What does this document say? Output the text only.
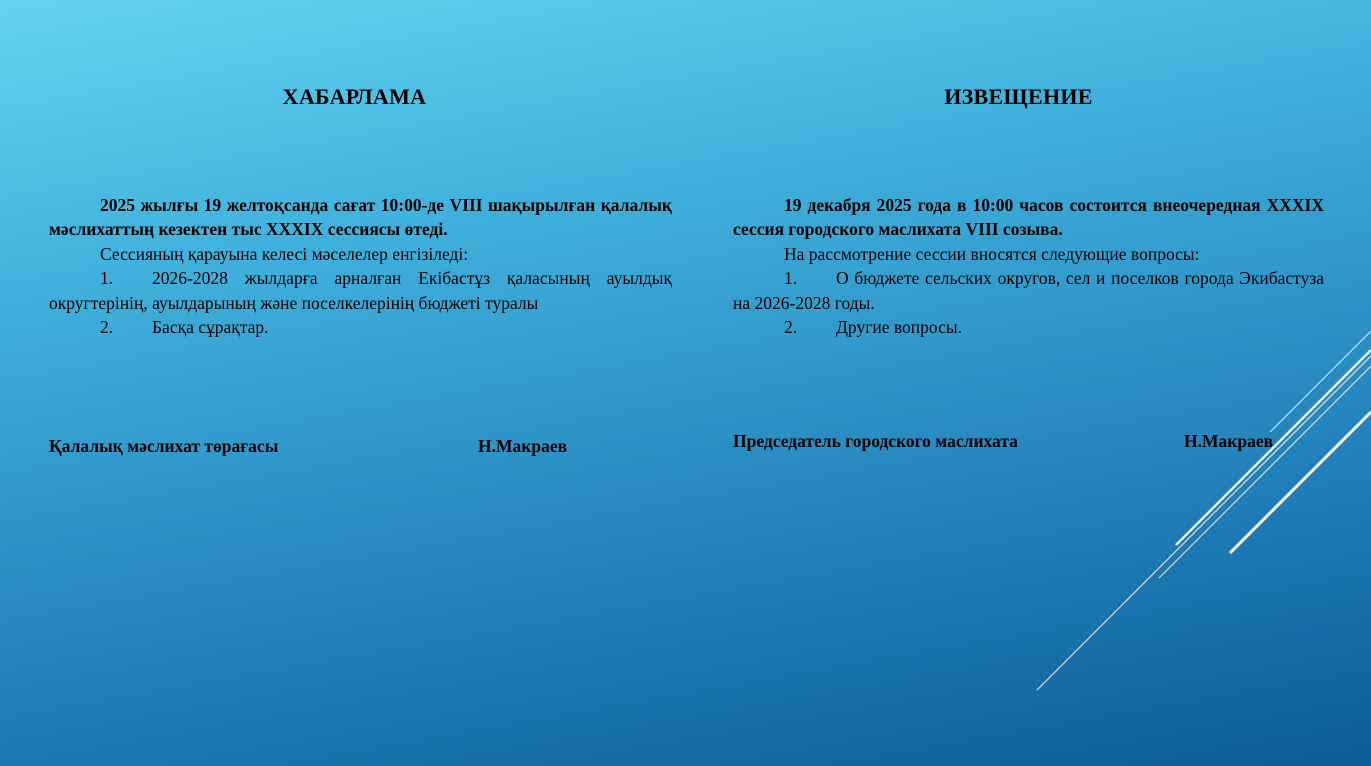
ХАБАРЛАМА

2025 жылғы 19 желтоқсанда сағат 10:00-де VIII шақырылған қалалық мәслихаттың кезектен тыс XXXIX сессиясы өтеді.

Сессияның қарауына келесі мәселелер енгізіледі:

1. 2026-2028 жылдарға арналған Екібастұз қаласының ауылдық округтерінің, ауылдарының және поселкелерінің бюджеті туралы

2. Басқа сұрақтар.

Қалалық мәслихат төрағасы	Н.Макраев
ИЗВЕЩЕНИЕ

19 декабря 2025 года в 10:00 часов состоится внеочередная XXXIX сессия городского маслихата VIII созыва.

На рассмотрение сессии вносятся следующие вопросы:

1. О бюджете сельских округов, сел и поселков города Экибастуза на 2026-2028 годы.

2. Другие вопросы.

Председатель городского маслихата	Н.Макраев
